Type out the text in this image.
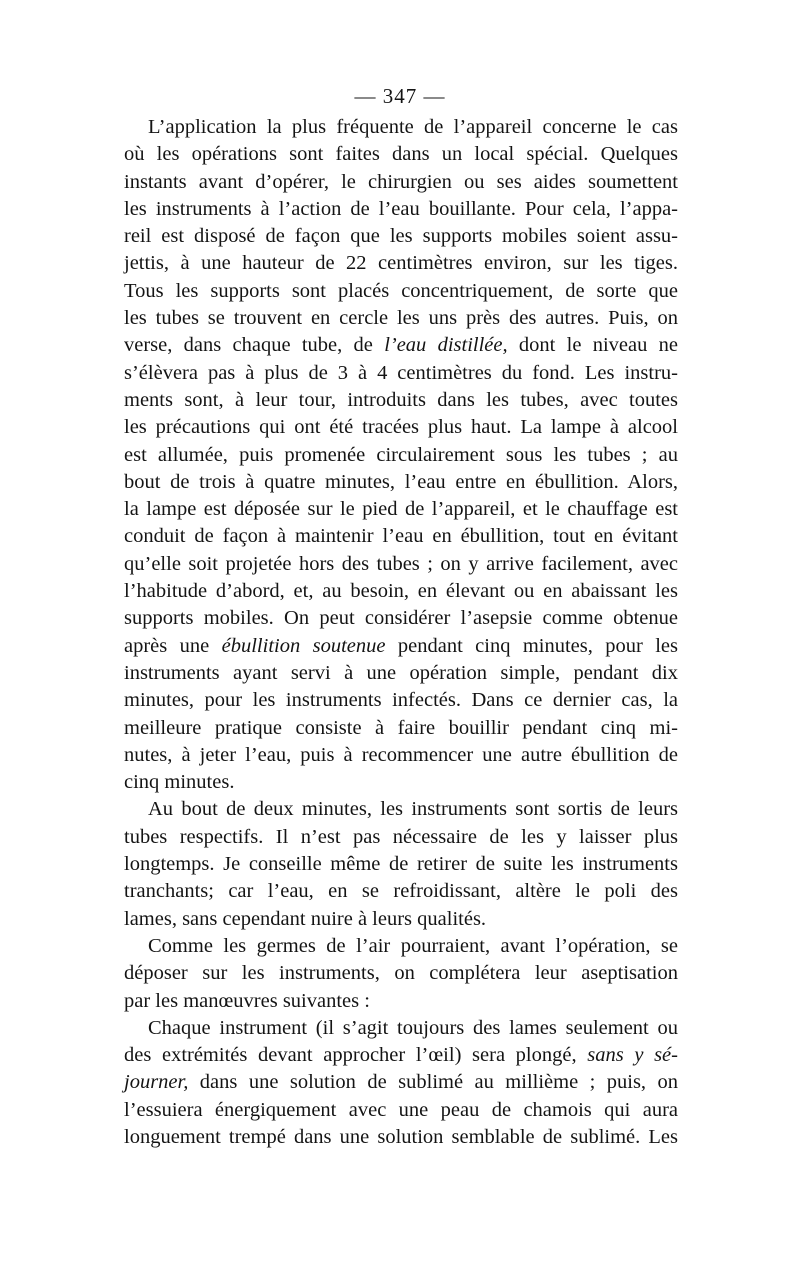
— 347 —
L’application la plus fréquente de l’appareil concerne le cas
où les opérations sont faites dans un local spécial. Quelques
instants avant d’opérer, le chirurgien ou ses aides soumettent
les instruments à l’action de l’eau bouillante. Pour cela, l’appa-
reil est disposé de façon que les supports mobiles soient assu-
jettis, à une hauteur de 22 centimètres environ, sur les tiges.
Tous les supports sont placés concentriquement, de sorte que
les tubes se trouvent en cercle les uns près des autres. Puis, on
verse, dans chaque tube, de l’eau distillée, dont le niveau ne
s’élèvera pas à plus de 3 à 4 centimètres du fond. Les instru-
ments sont, à leur tour, introduits dans les tubes, avec toutes
les précautions qui ont été tracées plus haut. La lampe à alcool
est allumée, puis promenée circulairement sous les tubes ; au
bout de trois à quatre minutes, l’eau entre en ébullition. Alors,
la lampe est déposée sur le pied de l’appareil, et le chauffage est
conduit de façon à maintenir l’eau en ébullition, tout en évitant
qu’elle soit projetée hors des tubes ; on y arrive facilement, avec
l’habitude d’abord, et, au besoin, en élevant ou en abaissant les
supports mobiles. On peut considérer l’asepsie comme obtenue
après une ébullition soutenue pendant cinq minutes, pour les
instruments ayant servi à une opération simple, pendant dix
minutes, pour les instruments infectés. Dans ce dernier cas, la
meilleure pratique consiste à faire bouillir pendant cinq mi-
nutes, à jeter l’eau, puis à recommencer une autre ébullition de
cinq minutes.
Au bout de deux minutes, les instruments sont sortis de leurs
tubes respectifs. Il n’est pas nécessaire de les y laisser plus
longtemps. Je conseille même de retirer de suite les instruments
tranchants; car l’eau, en se refroidissant, altère le poli des
lames, sans cependant nuire à leurs qualités.
Comme les germes de l’air pourraient, avant l’opération, se
déposer sur les instruments, on complétera leur aseptisation
par les manœuvres suivantes :
Chaque instrument (il s’agit toujours des lames seulement ou
des extrémités devant approcher l’œil) sera plongé, sans y sé-
journer, dans une solution de sublimé au millième ; puis, on
l’essuiera énergiquement avec une peau de chamois qui aura
longuement trempé dans une solution semblable de sublimé. Les
